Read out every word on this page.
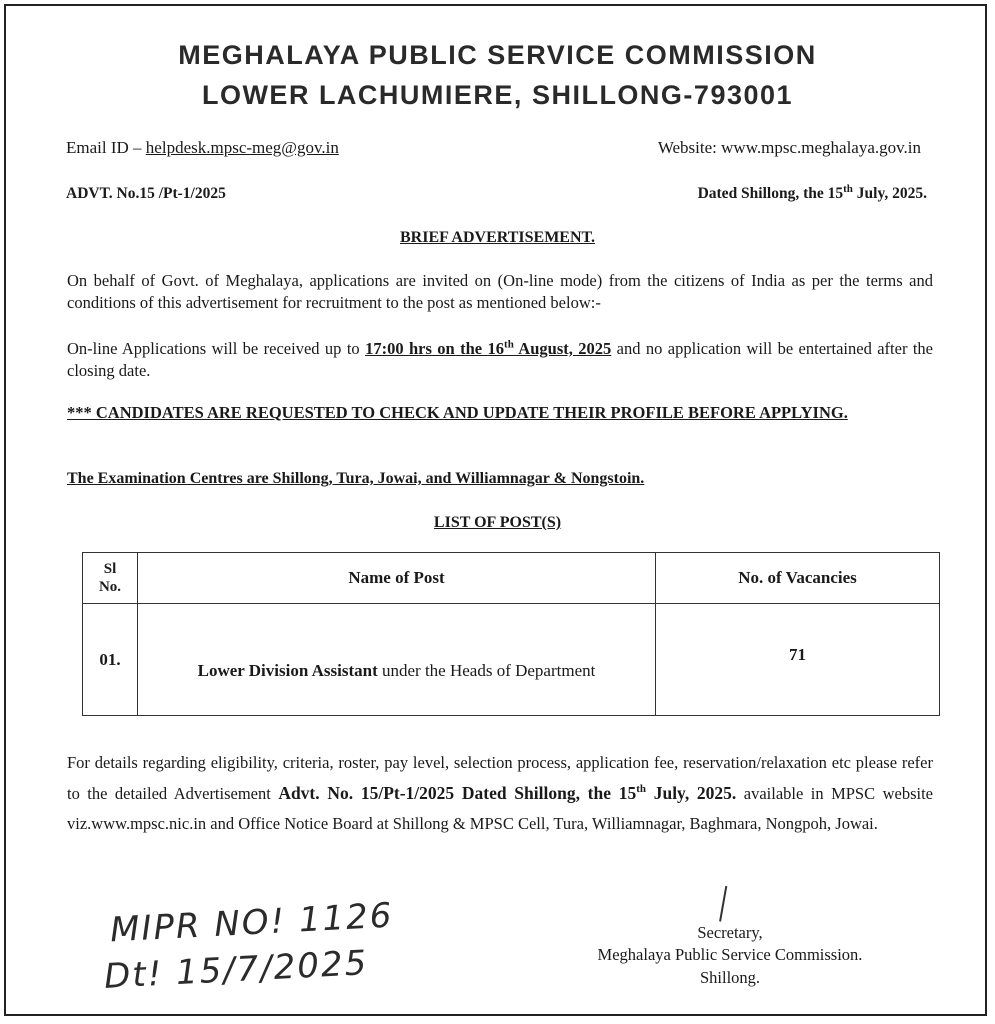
MEGHALAYA PUBLIC SERVICE COMMISSION
LOWER LACHUMIERE, SHILLONG-793001
Email ID – helpdesk.mpsc-meg@gov.in	Website: www.mpsc.meghalaya.gov.in
ADVT. No.15 /Pt-1/2025	Dated Shillong, the 15th July, 2025.
BRIEF ADVERTISEMENT.
On behalf of Govt. of Meghalaya, applications are invited on (On-line mode) from the citizens of India as per the terms and conditions of this advertisement for recruitment to the post as mentioned below:-
On-line Applications will be received up to 17:00 hrs on the 16th August, 2025 and no application will be entertained after the closing date.
*** CANDIDATES ARE REQUESTED TO CHECK AND UPDATE THEIR PROFILE BEFORE APPLYING.
The Examination Centres are Shillong, Tura, Jowai, and Williamnagar & Nongstoin.
LIST OF POST(S)
Sl
No.	Name of Post	No. of Vacancies
01.	Lower Division Assistant under the Heads of Department	71
For details regarding eligibility, criteria, roster, pay level, selection process, application fee, reservation/relaxation etc please refer to the detailed Advertisement Advt. No. 15/Pt-1/2025 Dated Shillong, the 15th July, 2025. available in MPSC website viz.www.mpsc.nic.in and Office Notice Board at Shillong & MPSC Cell, Tura, Williamnagar, Baghmara, Nongpoh, Jowai.
MIPR NO! 1126
Dt! 15/7/2025
Secretary,
Meghalaya Public Service Commission.
Shillong.
